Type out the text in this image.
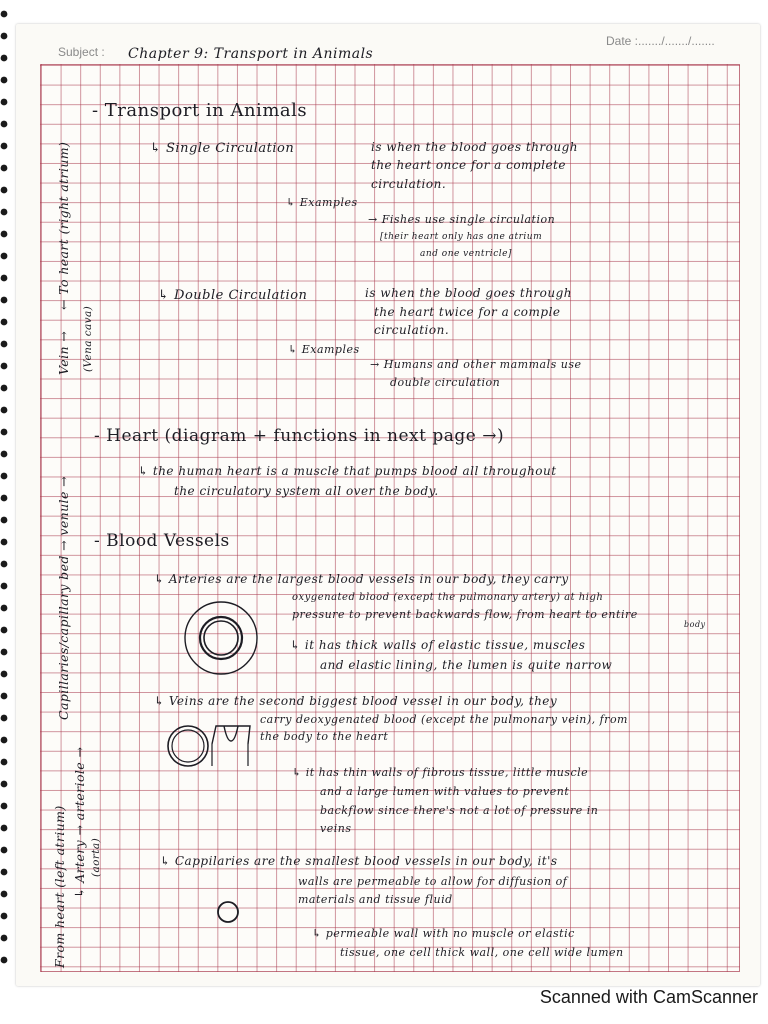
Subject : Chapter 9: Transport in Animals
Date :......./......./.......
← To heart (right atrium)
Vein → (Vena cava)
Capillaries/capillary bed → venule →
From heart (left atrium) ↳ Artery → arteriole → (aorta)
- Transport in Animals
↳ Single Circulation	is when the blood goes through
the heart once for a complete
circulation.
↳ Examples
→ Fishes use single circulation
[their heart only has one atrium
and one ventricle]
↳ Double Circulation	is when the blood goes through
the heart twice for a comple
circulation.
↳ Examples
→ Humans and other mammals use
double circulation
- Heart (diagram + functions in next page →)
↳ the human heart is a muscle that pumps blood all throughout
the circulatory system all over the body.
- Blood Vessels
↳ Arteries are the largest blood vessels in our body, they carry
oxygenated blood (except the pulmonary artery) at high
pressure to prevent backwards flow, from heart to entire
body
↳ it has thick walls of elastic tissue, muscles
and elastic lining, the lumen is quite narrow
↳ Veins are the second biggest blood vessel in our body, they
carry deoxygenated blood (except the pulmonary vein), from
the body to the heart
↳ it has thin walls of fibrous tissue, little muscle
and a large lumen with values to prevent
backflow since there's not a lot of pressure in
veins
↳ Cappilaries are the smallest blood vessels in our body, it's
walls are permeable to allow for diffusion of
materials and tissue fluid
↳ permeable wall with no muscle or elastic
tissue, one cell thick wall, one cell wide lumen
Scanned with CamScanner
